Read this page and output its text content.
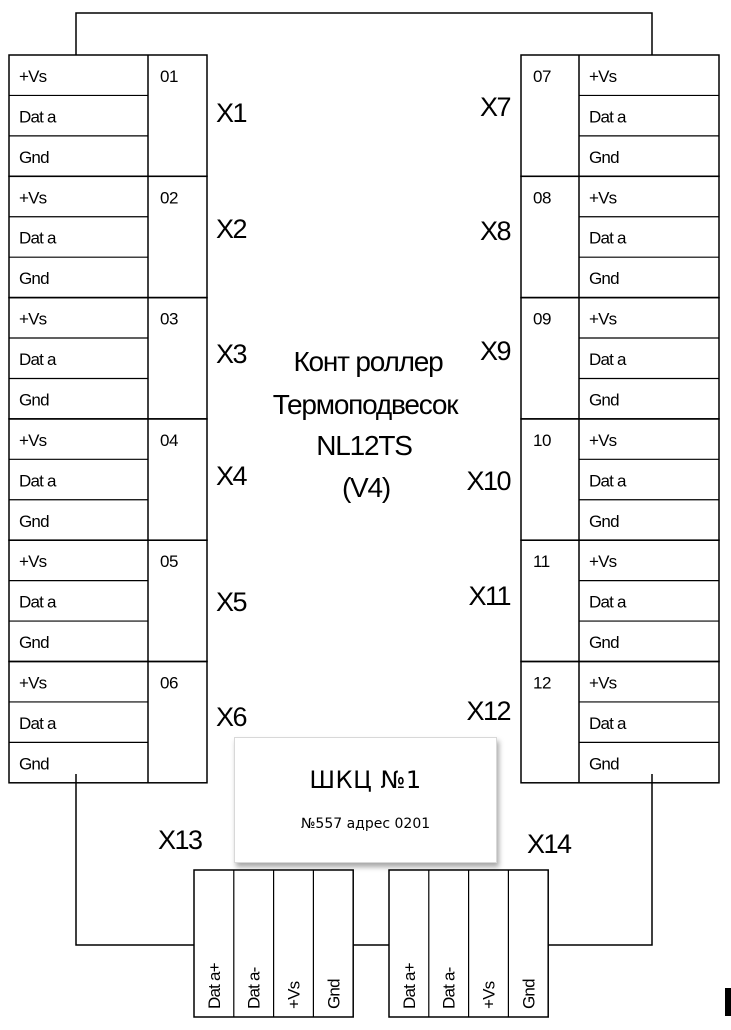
+Vs
Dat a
Gnd
01
X1
+Vs
Dat a
Gnd
02
X2
+Vs
Dat a
Gnd
03
X3
+Vs
Dat a
Gnd
04
X4
+Vs
Dat a
Gnd
05
X5
+Vs
Dat a
Gnd
06
X6
+Vs
Dat a
Gnd
07
X7
+Vs
Dat a
Gnd
08
X8
+Vs
Dat a
Gnd
09
X9
+Vs
Dat a
Gnd
10
X10
+Vs
Dat a
Gnd
11
X11
+Vs
Dat a
Gnd
12
X12
Dat a+ Dat a- +Vs Gnd
X13
Dat a+ Dat a- +Vs Gnd
X14
Конт роллер
Термоподвесок
NL12TS
(V4)
ШКЦ №1
№557 адрес 0201
